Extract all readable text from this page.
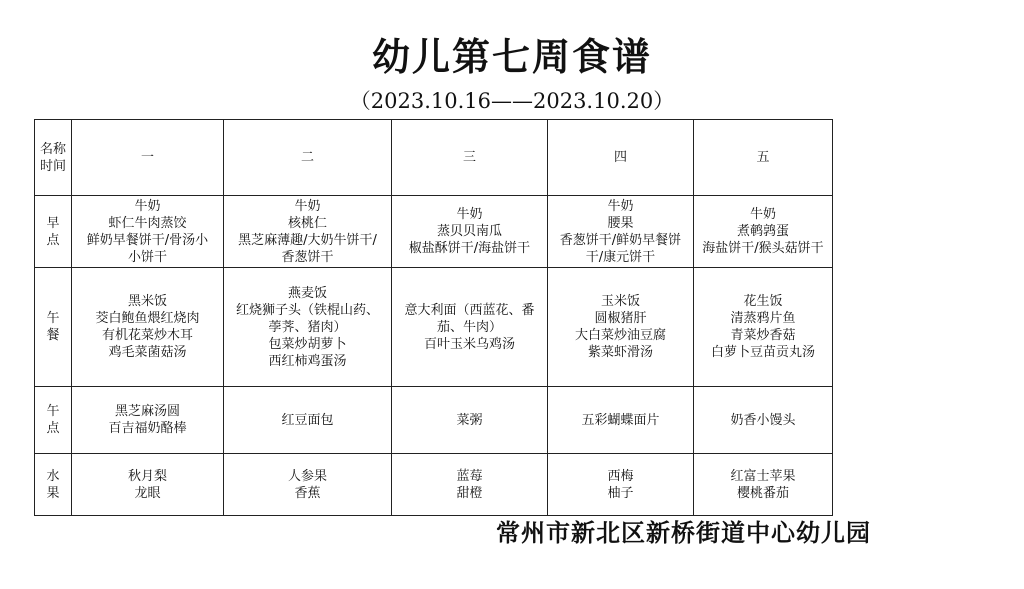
幼儿第七周食谱
（2023.10.16——2023.10.20）
名称
时间	一	二	三	四	五

早
点	牛奶
虾仁牛肉蒸饺
鲜奶早餐饼干/骨汤小
小饼干	牛奶
核桃仁
黑芝麻薄趣/大奶牛饼干/
香葱饼干	牛奶
蒸贝贝南瓜
椒盐酥饼干/海盐饼干	牛奶
腰果
香葱饼干/鲜奶早餐饼
干/康元饼干	牛奶
煮鹌鹑蛋
海盐饼干/猴头菇饼干

午
餐	黑米饭
茭白鲍鱼煨红烧肉
有机花菜炒木耳
鸡毛菜菌菇汤	燕麦饭
红烧狮子头（铁棍山药、
荸荠、猪肉）
包菜炒胡萝卜
西红柿鸡蛋汤	意大利面（西蓝花、番
茄、牛肉）
百叶玉米乌鸡汤	玉米饭
圆椒猪肝
大白菜炒油豆腐
紫菜虾滑汤	花生饭
清蒸鸦片鱼
青菜炒香菇
白萝卜豆苗贡丸汤

午
点	黑芝麻汤圆
百吉福奶酪棒	红豆面包	菜粥	五彩蝴蝶面片	奶香小馒头

水
果	秋月梨
龙眼	人参果
香蕉	蓝莓
甜橙	西梅
柚子	红富士苹果
樱桃番茄
常州市新北区新桥街道中心幼儿园
